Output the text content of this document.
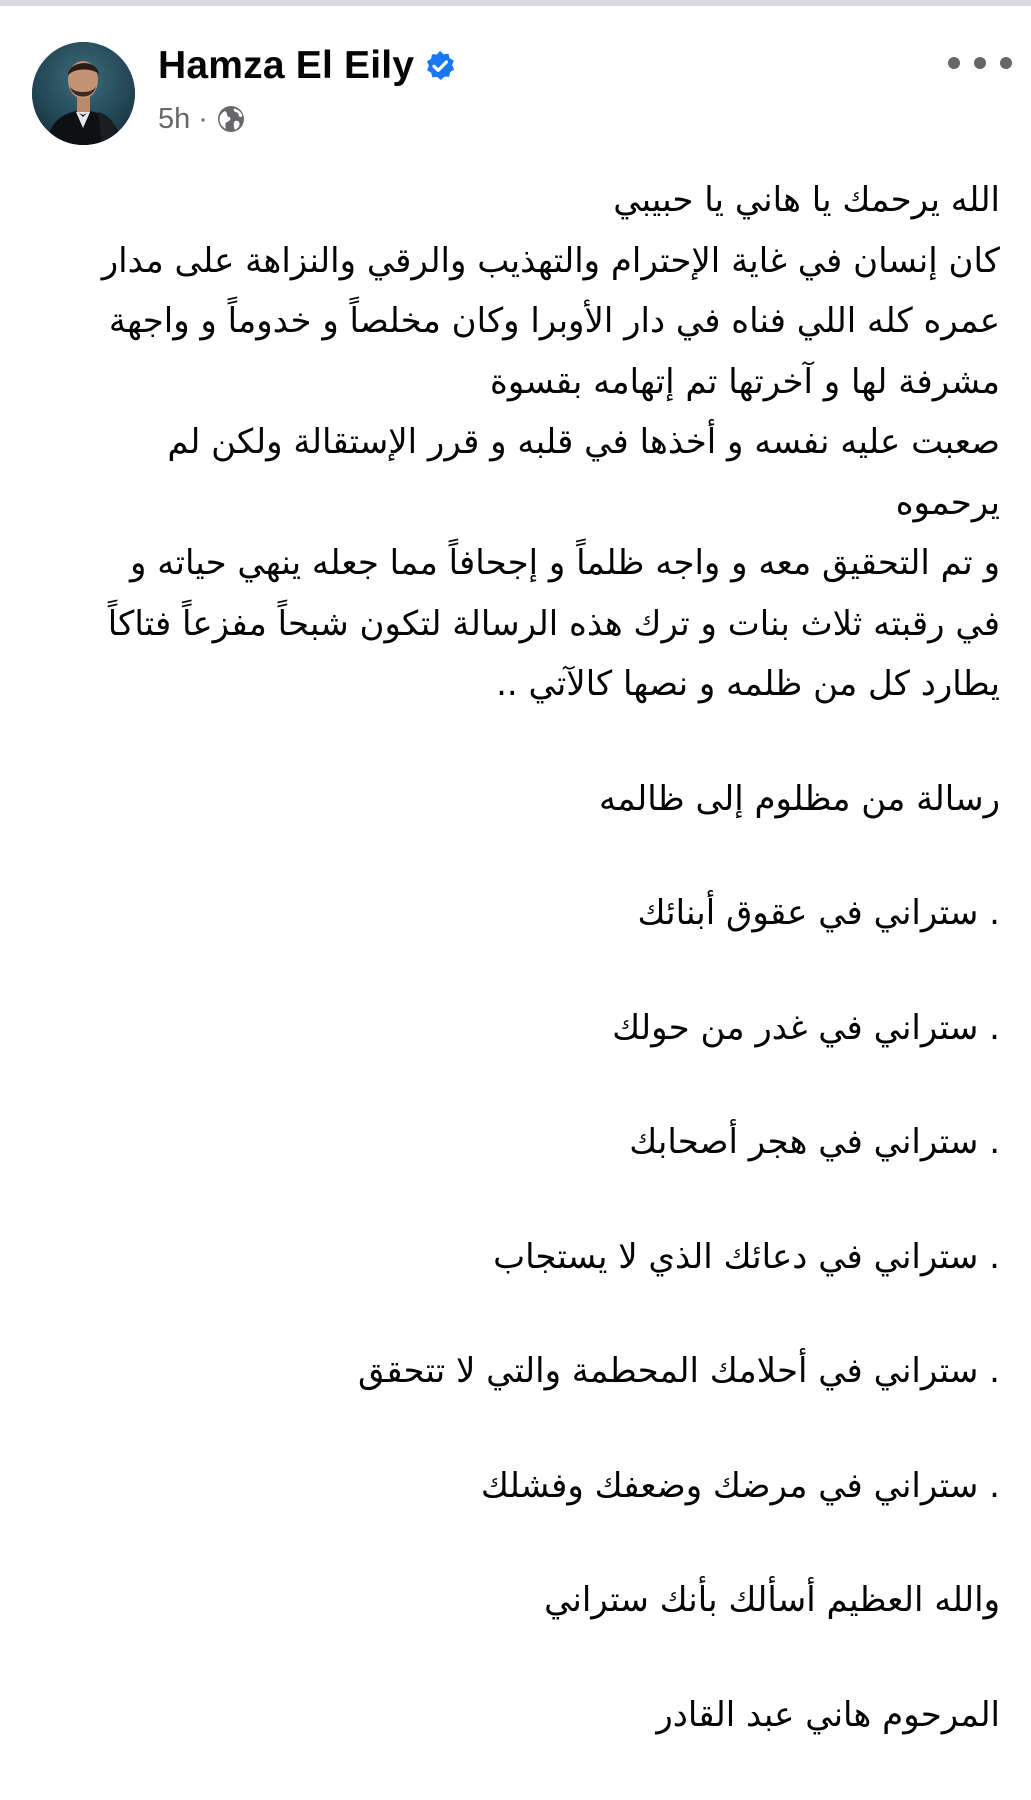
Hamza El Eily
5h ·
الله يرحمك يا هاني يا حبيبي
كان إنسان في غاية الإحترام والتهذيب والرقي والنزاهة على مدار
عمره كله اللي فناه في دار الأوبرا وكان مخلصاً و خدوماً و واجهة
مشرفة لها و آخرتها تم إتهامه بقسوة
صعبت عليه نفسه و أخذها في قلبه و قرر الإستقالة ولكن لم
يرحموه
و تم التحقيق معه و واجه ظلماً و إجحافاً مما جعله ينهي حياته و
في رقبته ثلاث بنات و ترك هذه الرسالة لتكون شبحاً مفزعاً فتاكاً
يطارد كل من ظلمه و نصها كالآتي ..
رسالة من مظلوم إلى ظالمه
. ستراني في عقوق أبنائك
. ستراني في غدر من حولك
. ستراني في هجر أصحابك
. ستراني في دعائك الذي لا يستجاب
. ستراني في أحلامك المحطمة والتي لا تتحقق
. ستراني في مرضك وضعفك وفشلك
والله العظيم أسألك بأنك ستراني
المرحوم هاني عبد القادر
